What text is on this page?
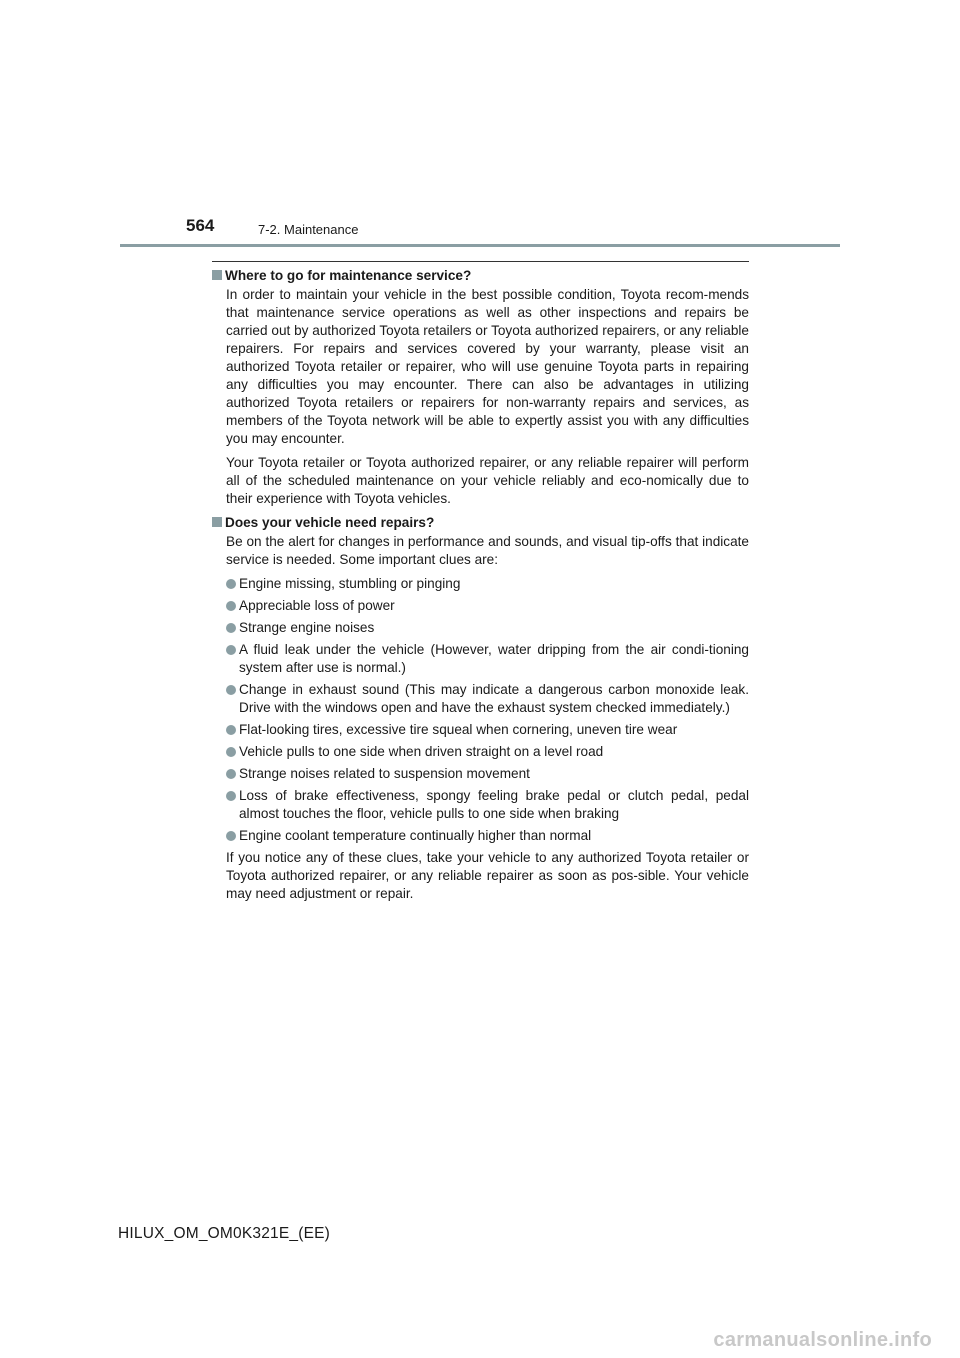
564	7-2. Maintenance
Where to go for maintenance service?

In order to maintain your vehicle in the best possible condition, Toyota recom-mends that maintenance service operations as well as other inspections and repairs be carried out by authorized Toyota retailers or Toyota authorized repairers, or any reliable repairers. For repairs and services covered by your warranty, please visit an authorized Toyota retailer or repairer, who will use genuine Toyota parts in repairing any difficulties you may encounter. There can also be advantages in utilizing authorized Toyota retailers or repairers for non-warranty repairs and services, as members of the Toyota network will be able to expertly assist you with any difficulties you may encounter.

Your Toyota retailer or Toyota authorized repairer, or any reliable repairer will perform all of the scheduled maintenance on your vehicle reliably and eco-nomically due to their experience with Toyota vehicles.

Does your vehicle need repairs?

Be on the alert for changes in performance and sounds, and visual tip-offs that indicate service is needed. Some important clues are:

Engine missing, stumbling or pinging
Appreciable loss of power
Strange engine noises
A fluid leak under the vehicle (However, water dripping from the air condi-tioning system after use is normal.)
Change in exhaust sound (This may indicate a dangerous carbon monoxide leak. Drive with the windows open and have the exhaust system checked immediately.)
Flat-looking tires, excessive tire squeal when cornering, uneven tire wear
Vehicle pulls to one side when driven straight on a level road
Strange noises related to suspension movement
Loss of brake effectiveness, spongy feeling brake pedal or clutch pedal, pedal almost touches the floor, vehicle pulls to one side when braking
Engine coolant temperature continually higher than normal

If you notice any of these clues, take your vehicle to any authorized Toyota retailer or Toyota authorized repairer, or any reliable repairer as soon as pos-sible. Your vehicle may need adjustment or repair.

HILUX_OM_OM0K321E_(EE)
carmanualsonline.info
